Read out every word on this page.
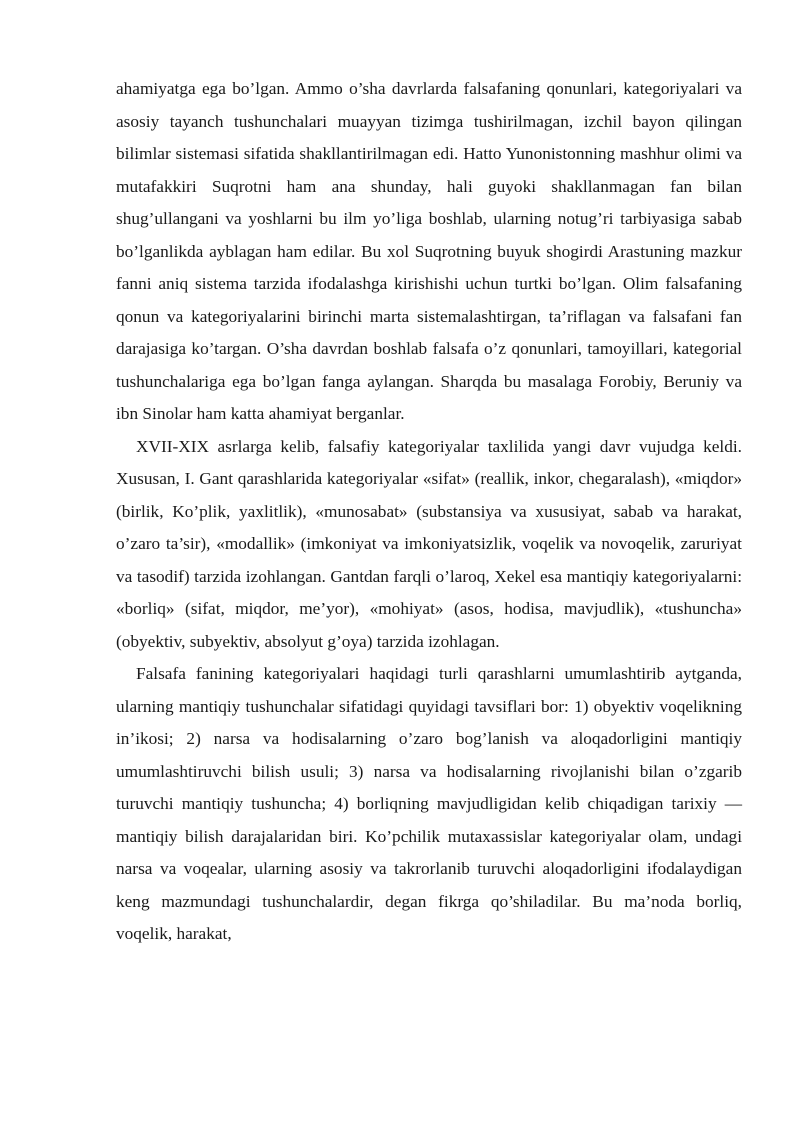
ahamiyatga ega bo’lgan. Ammo o’sha davrlarda falsafaning qonunlari, kategoriyalari va asosiy tayanch tushunchalari muayyan tizimga tushirilmagan, izchil bayon qilingan bilimlar sistemasi sifatida shakllantirilmagan edi. Hatto Yunonistonning mashhur olimi va mutafakkiri Suqrotni ham ana shunday, hali guyoki shakllanmagan fan bilan shug’ullangani va yoshlarni bu ilm yo’liga boshlab, ularning notug’ri tarbiyasiga sabab bo’lganlikda ayblagan ham edilar. Bu xol Suqrotning buyuk shogirdi Arastuning mazkur fanni aniq sistema tarzida ifodalashga kirishishi uchun turtki bo’lgan. Olim falsafaning qonun va kategoriyalarini birinchi marta sistemalashtirgan, ta’riflagan va falsafani fan darajasiga ko’targan. O’sha davrdan boshlab falsafa o’z qonunlari, tamoyillari, kategorial tushunchalariga ega bo’lgan fanga aylangan. Sharqda bu masalaga Forobiy, Beruniy va ibn Sinolar ham katta ahamiyat berganlar.

XVII-XIX asrlarga kelib, falsafiy kategoriyalar taxlilida yangi davr vujudga keldi. Xususan, I. Gant qarashlarida kategoriyalar «sifat» (reallik, inkor, chegaralash), «miqdor» (birlik, Ko’plik, yaxlitlik), «munosabat» (substansiya va xususiyat, sabab va harakat, o’zaro ta’sir), «modallik» (imkoniyat va imkoniyatsizlik, voqelik va novoqelik, zaruriyat va tasodif) tarzida izohlangan. Gantdan farqli o’laroq, Xekel esa mantiqiy kategoriyalarni: «borliq» (sifat, miqdor, me’yor), «mohiyat» (asos, hodisa, mavjudlik), «tushuncha» (obyektiv, subyektiv, absolyut g’oya) tarzida izohlagan.

Falsafa fanining kategoriyalari haqidagi turli qarashlarni umumlashtirib aytganda, ularning mantiqiy tushunchalar sifatidagi quyidagi tavsiflari bor: 1) obyektiv voqelikning in’ikosi; 2) narsa va hodisalarning o’zaro bog’lanish va aloqadorligini mantiqiy umumlashtiruvchi bilish usuli; 3) narsa va hodisalarning rivojlanishi bilan o’zgarib turuvchi mantiqiy tushuncha; 4) borliqning mavjudligidan kelib chiqadigan tarixiy — mantiqiy bilish darajalaridan biri. Ko’pchilik mutaxassislar kategoriyalar olam, undagi narsa va voqealar, ularning asosiy va takrorlanib turuvchi aloqadorligini ifodalaydigan keng mazmundagi tushunchalardir, degan fikrga qo’shiladilar. Bu ma’noda borliq, voqelik, harakat,
